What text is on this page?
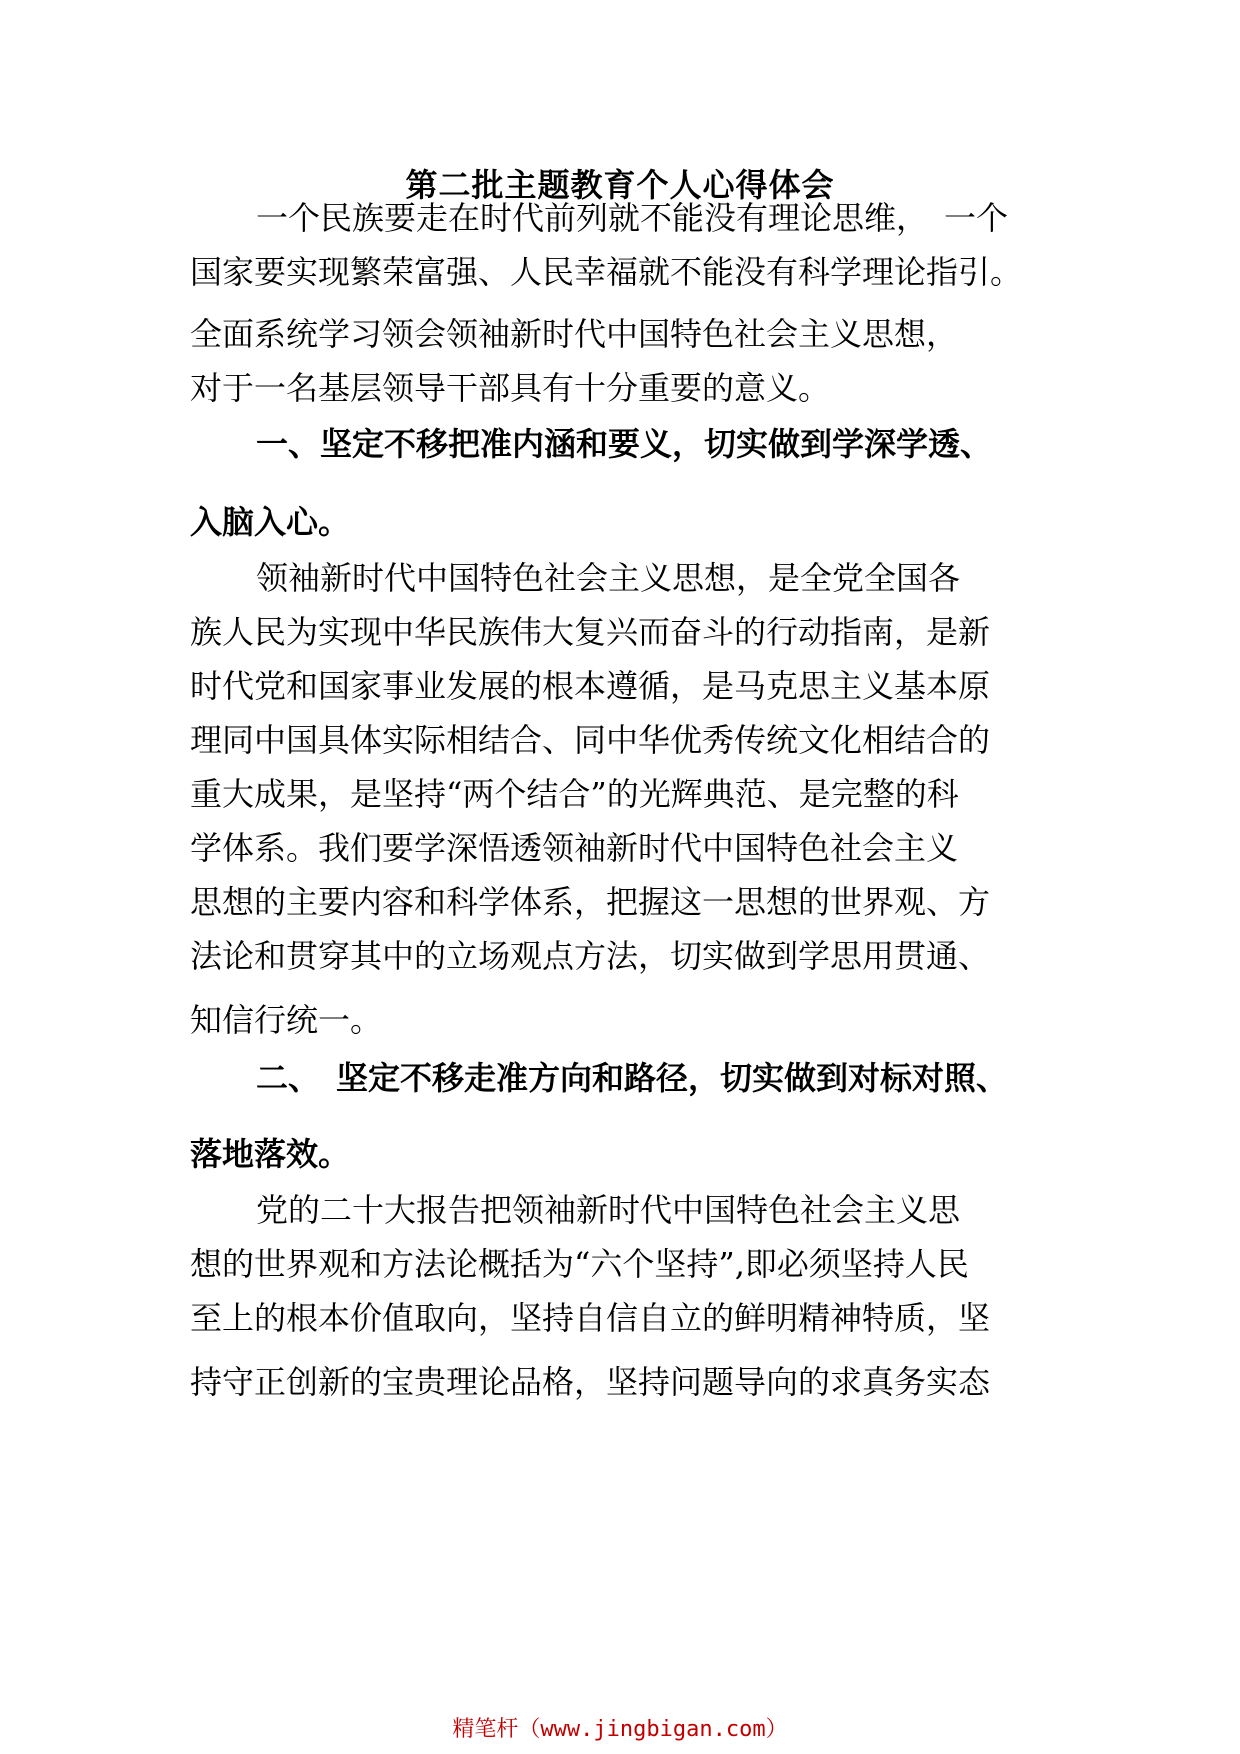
第二批主题教育个人心得体会
一个民族要走在时代前列就不能没有理论思维，　一个
国家要实现繁荣富强、人民幸福就不能没有科学理论指引。
全面系统学习领会领袖新时代中国特色社会主义思想，
对于一名基层领导干部具有十分重要的意义。
一、坚定不移把准内涵和要义，切实做到学深学透、
入脑入心。
领袖新时代中国特色社会主义思想，是全党全国各
族人民为实现中华民族伟大复兴而奋斗的行动指南，是新
时代党和国家事业发展的根本遵循，是马克思主义基本原
理同中国具体实际相结合、同中华优秀传统文化相结合的
重大成果，是坚持“两个结合”的光辉典范、是完整的科
学体系。我们要学深悟透领袖新时代中国特色社会主义
思想的主要内容和科学体系，把握这一思想的世界观、方
法论和贯穿其中的立场观点方法，切实做到学思用贯通、
知信行统一。
二、　坚定不移走准方向和路径，切实做到对标对照、
落地落效。
党的二十大报告把领袖新时代中国特色社会主义思
想的世界观和方法论概括为“六个坚持”,即必须坚持人民
至上的根本价值取向，坚持自信自立的鲜明精神特质，坚
持守正创新的宝贵理论品格，坚持问题导向的求真务实态
精笔杆（www.jingbigan.com）
